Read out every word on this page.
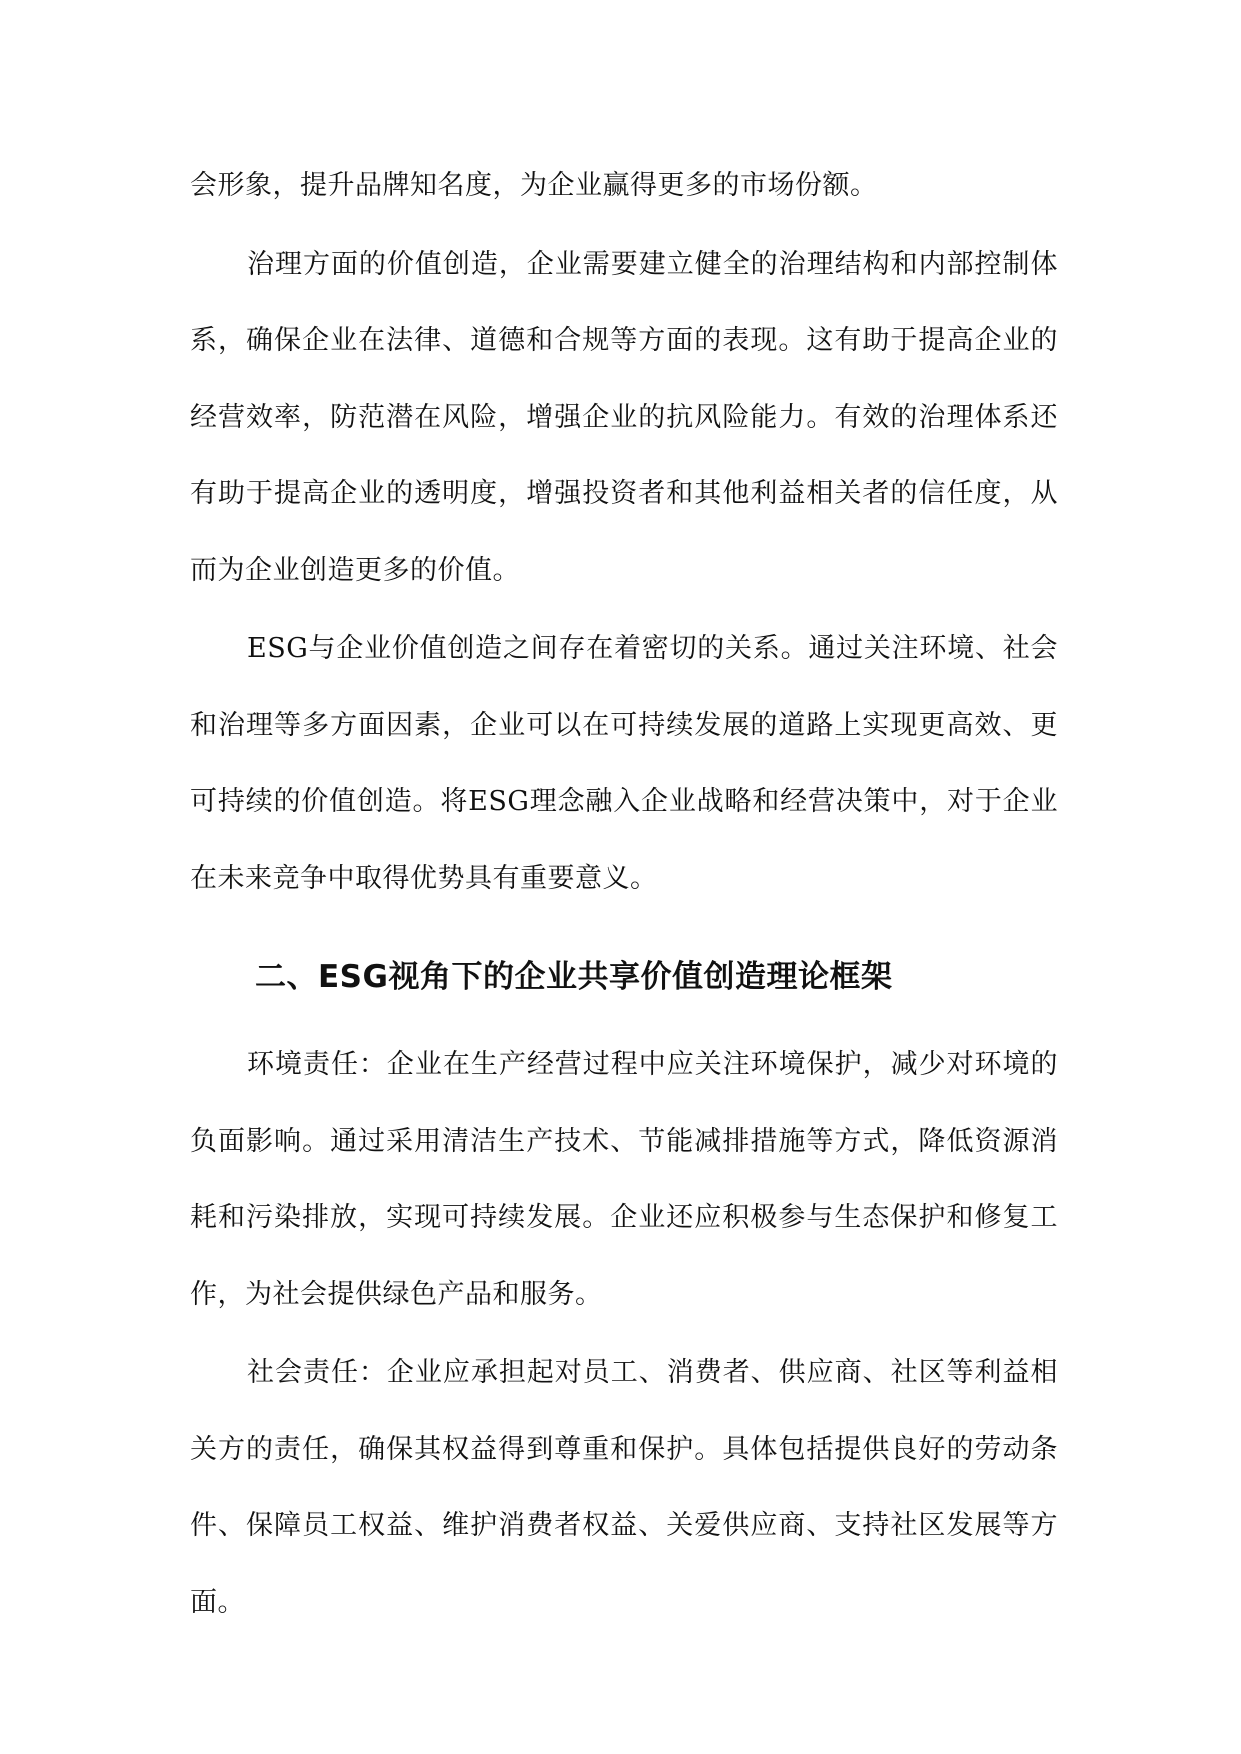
会形象，提升品牌知名度，为企业赢得更多的市场份额。

治理方面的价值创造，企业需要建立健全的治理结构和内部控制体系，确保企业在法律、道德和合规等方面的表现。这有助于提高企业的经营效率，防范潜在风险，增强企业的抗风险能力。有效的治理体系还有助于提高企业的透明度，增强投资者和其他利益相关者的信任度，从而为企业创造更多的价值。

ESG与企业价值创造之间存在着密切的关系。通过关注环境、社会和治理等多方面因素，企业可以在可持续发展的道路上实现更高效、更可持续的价值创造。将ESG理念融入企业战略和经营决策中，对于企业在未来竞争中取得优势具有重要意义。

二、ESG视角下的企业共享价值创造理论框架

环境责任：企业在生产经营过程中应关注环境保护，减少对环境的负面影响。通过采用清洁生产技术、节能减排措施等方式，降低资源消耗和污染排放，实现可持续发展。企业还应积极参与生态保护和修复工作，为社会提供绿色产品和服务。

社会责任：企业应承担起对员工、消费者、供应商、社区等利益相关方的责任，确保其权益得到尊重和保护。具体包括提供良好的劳动条件、保障员工权益、维护消费者权益、关爱供应商、支持社区发展等方面。
